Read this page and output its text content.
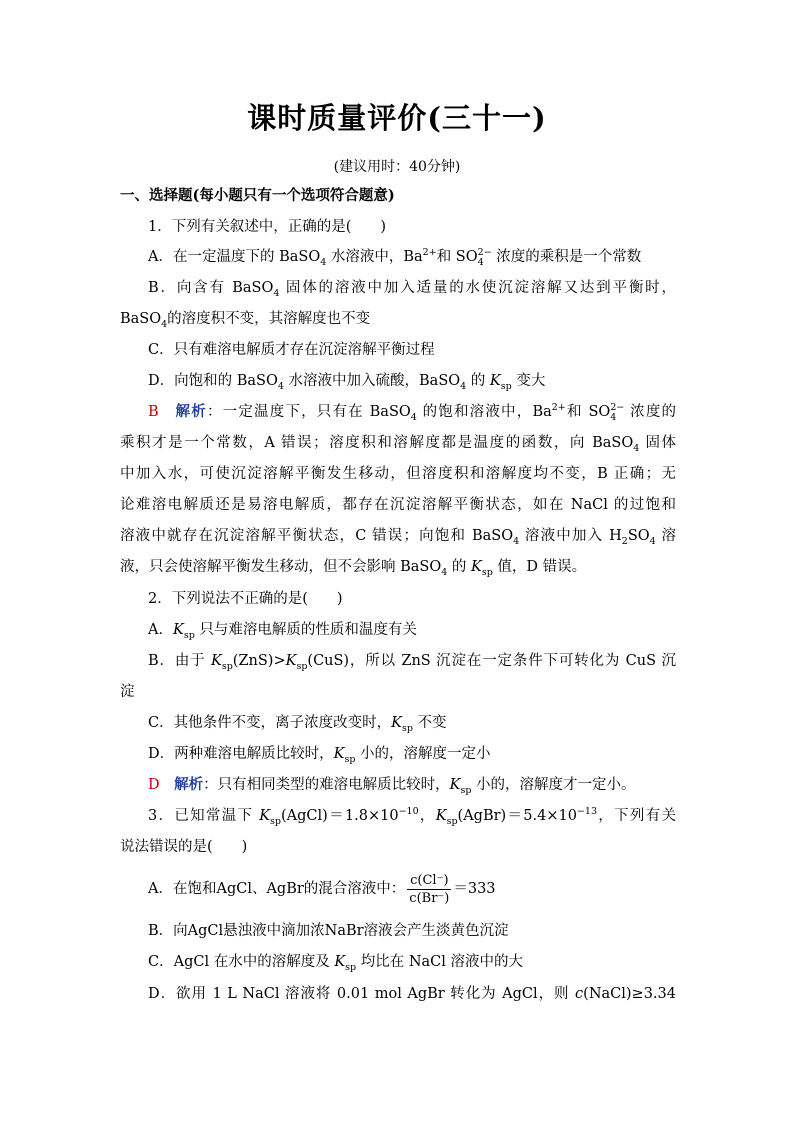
课时质量评价(三十一)
(建议用时：40分钟)
一、选择题(每小题只有一个选项符合题意)
1．下列有关叙述中，正确的是(　　)
A．在一定温度下的 BaSO$_4$ 水溶液中，$Ba^{2+}$和 $SO_4^{2-}$ 浓度的乘积是一个常数
B．向含有 BaSO$_4$ 固体的溶液中加入适量的水使沉淀溶解又达到平衡时，
BaSO$_4$的溶度积不变，其溶解度也不变
C．只有难溶电解质才存在沉淀溶解平衡过程
D．向饱和的 BaSO$_4$ 水溶液中加入硫酸，BaSO$_4$ 的 $K_{sp}$ 变大
B　 解析：一定温度下，只有在 BaSO$_4$ 的饱和溶液中，$Ba^{2+}$和 $SO_4^{2-}$ 浓度的
乘积才是一个常数，A 错误；溶度积和溶解度都是温度的函数，向 BaSO$_4$ 固体
中加入水，可使沉淀溶解平衡发生移动，但溶度积和溶解度均不变，B 正确；无
论难溶电解质还是易溶电解质，都存在沉淀溶解平衡状态，如在 NaCl 的过饱和
溶液中就存在沉淀溶解平衡状态，C 错误；向饱和 BaSO$_4$ 溶液中加入 $H_2SO_4$ 溶
液，只会使溶解平衡发生移动，但不会影响 BaSO$_4$ 的 $K_{sp}$ 值，D 错误。
2．下列说法不正确的是(　　)
A．$K_{sp}$ 只与难溶电解质的性质和温度有关
B．由于 $K_{sp}(ZnS)>K_{sp}(CuS)$，所以 ZnS 沉淀在一定条件下可转化为 CuS 沉
淀
C．其他条件不变，离子浓度改变时，$K_{sp}$ 不变
D．两种难溶电解质比较时，$K_{sp}$ 小的，溶解度一定小
D　 解析：只有相同类型的难溶电解质比较时，$K_{sp}$ 小的，溶解度才一定小。
3．已知常温下 $K_{sp}(AgCl)=1.8\times 10^{-10}$，$K_{sp}(AgBr)=5.4\times 10^{-13}$，下列有关
说法错误的是(　　)
A．在饱和AgCl、AgBr的混合溶液中： $\frac{c(Cl^-)}{c(Br^-)} =333$
B．向AgCl悬浊液中滴加浓NaBr溶液会产生淡黄色沉淀
C．AgCl 在水中的溶解度及 $K_{sp}$ 均比在 NaCl 溶液中的大
D．欲用 1 L NaCl 溶液将 0.01 mol AgBr 转化为 AgCl，则 c(NaCl)≥3.34
